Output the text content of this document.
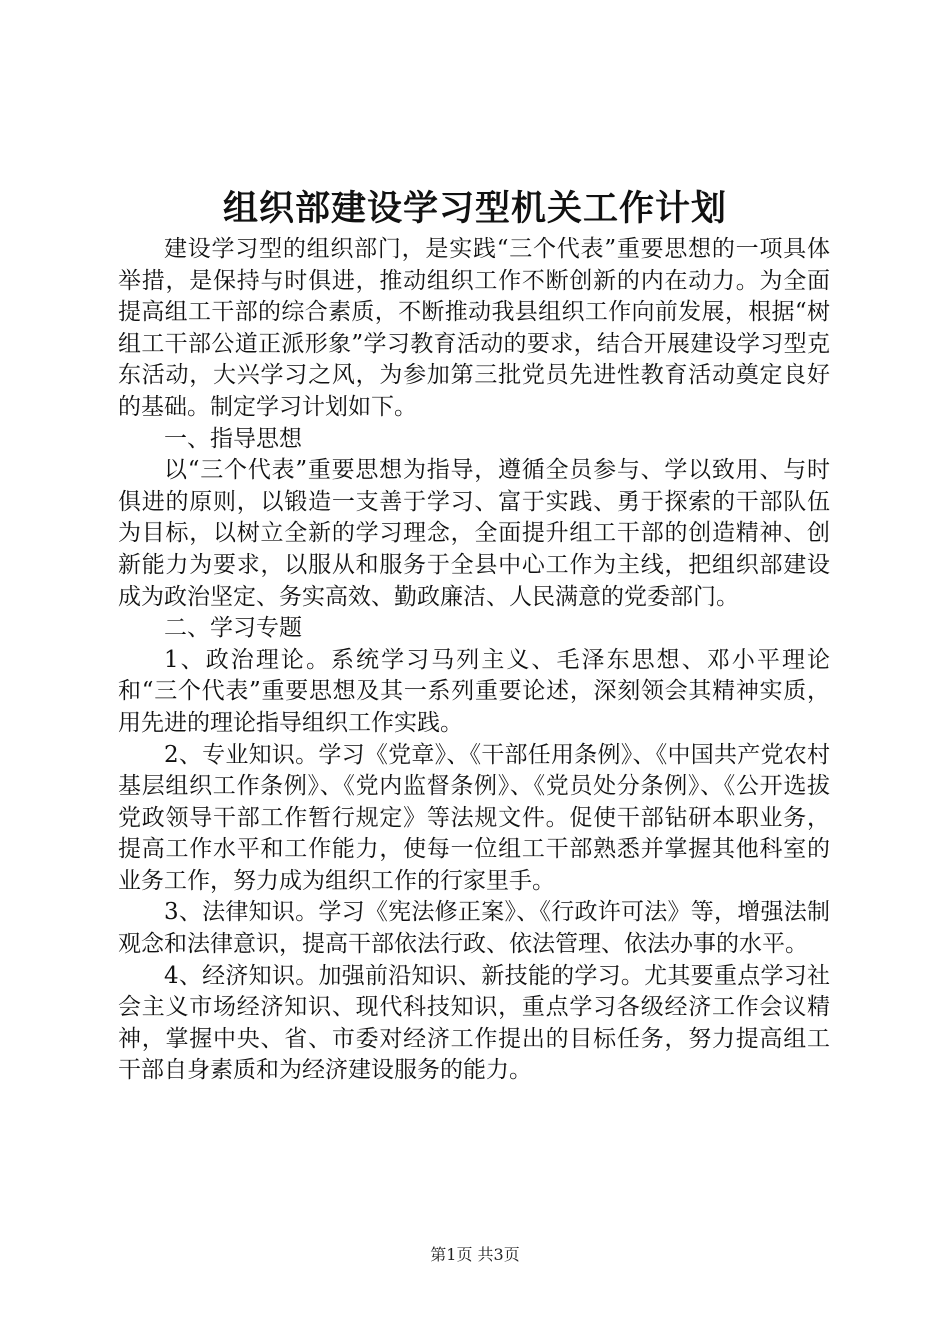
组织部建设学习型机关工作计划

建设学习型的组织部门，是实践“三个代表”重要思想的一项具体举措，是保持与时俱进，推动组织工作不断创新的内在动力。为全面提高组工干部的综合素质，不断推动我县组织工作向前发展，根据“树组工干部公道正派形象”学习教育活动的要求，结合开展建设学习型克东活动，大兴学习之风，为参加第三批党员先进性教育活动奠定良好的基础。制定学习计划如下。

一、指导思想

以“三个代表”重要思想为指导，遵循全员参与、学以致用、与时俱进的原则，以锻造一支善于学习、富于实践、勇于探索的干部队伍为目标，以树立全新的学习理念，全面提升组工干部的创造精神、创新能力为要求，以服从和服务于全县中心工作为主线，把组织部建设成为政治坚定、务实高效、勤政廉洁、人民满意的党委部门。

二、学习专题

1、政治理论。系统学习马列主义、毛泽东思想、邓小平理论和“三个代表”重要思想及其一系列重要论述，深刻领会其精神实质，用先进的理论指导组织工作实践。

2、专业知识。学习《党章》、《干部任用条例》、《中国共产党农村基层组织工作条例》、《党内监督条例》、《党员处分条例》、《公开选拔党政领导干部工作暂行规定》等法规文件。促使干部钻研本职业务，提高工作水平和工作能力，使每一位组工干部熟悉并掌握其他科室的业务工作，努力成为组织工作的行家里手。

3、法律知识。学习《宪法修正案》、《行政许可法》等，增强法制观念和法律意识，提高干部依法行政、依法管理、依法办事的水平。

4、经济知识。加强前沿知识、新技能的学习。尤其要重点学习社会主义市场经济知识、现代科技知识，重点学习各级经济工作会议精神，掌握中央、省、市委对经济工作提出的目标任务，努力提高组工干部自身素质和为经济建设服务的能力。

第1页 共3页
